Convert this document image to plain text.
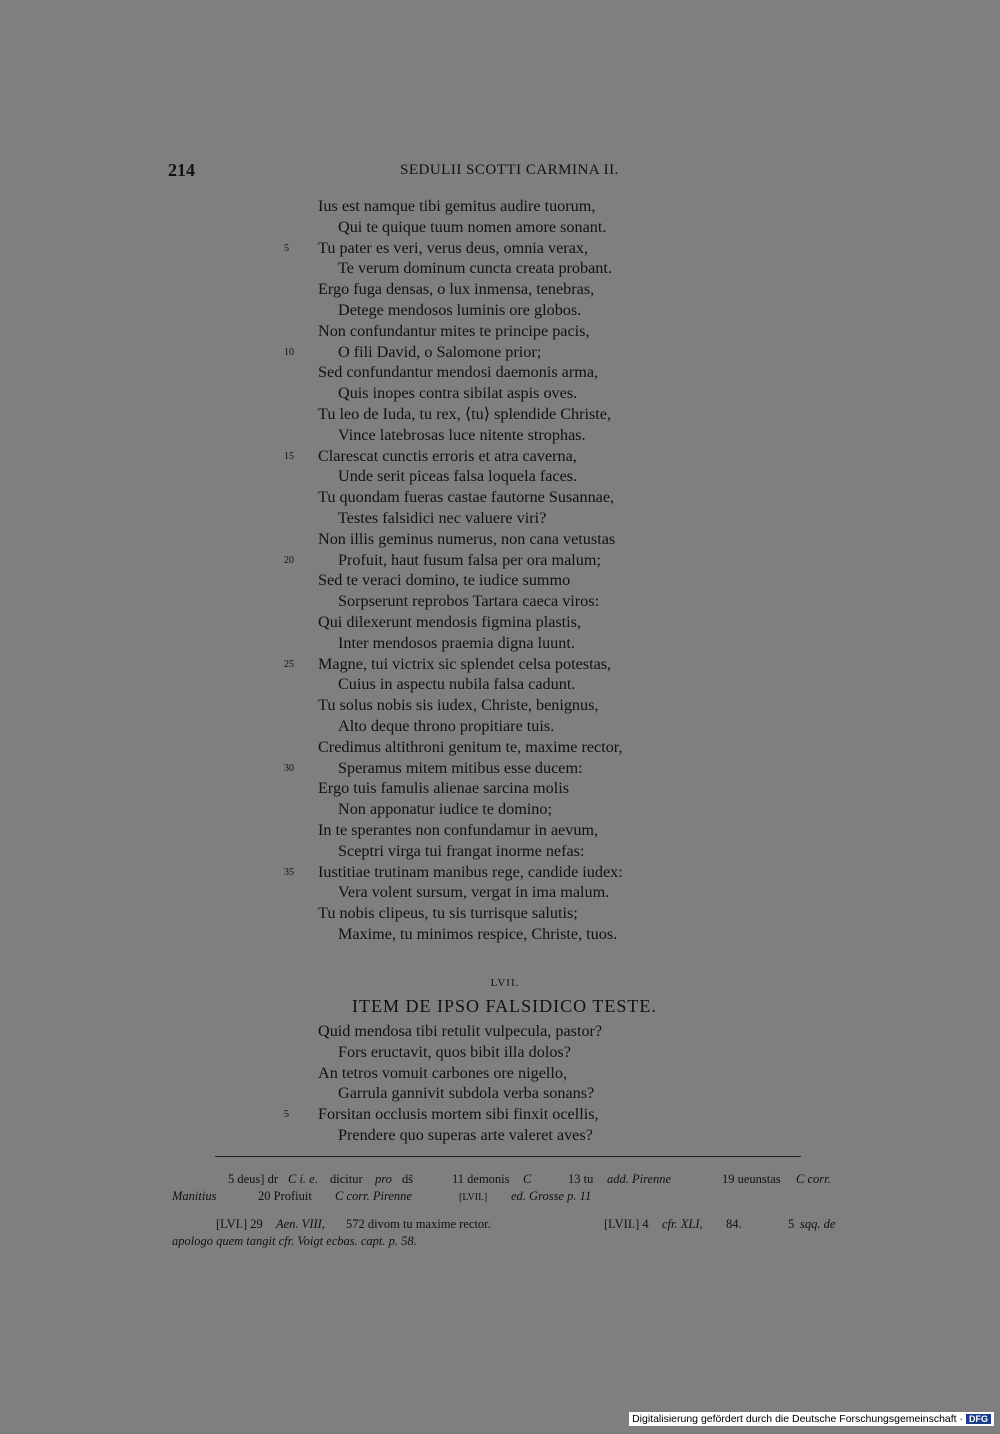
214	SEDULII SCOTTI CARMINA II.
Ius est namque tibi gemitus audire tuorum,
Qui te quique tuum nomen amore sonant.
5 Tu pater es veri, verus deus, omnia verax,
Te verum dominum cuncta creata probant.
Ergo fuga densas, o lux inmensa, tenebras,
Detege mendosos luminis ore globos.
Non confundantur mites te principe pacis,
10	O fili David, o Salomone prior;
Sed confundantur mendosi daemonis arma,
Quis inopes contra sibilat aspis oves.
Tu leo de Iuda, tu rex, ⟨tu⟩ splendide Christe,
Vince latebrosas luce nitente strophas.
15 Clarescat cunctis erroris et atra caverna,
Unde serit piceas falsa loquela faces.
Tu quondam fueras castae fautorne Susannae,
Testes falsidici nec valuere viri?
Non illis geminus numerus, non cana vetustas
20	Profuit, haut fusum falsa per ora malum;
Sed te veraci domino, te iudice summo
Sorpserunt reprobos Tartara caeca viros:
Qui dilexerunt mendosis figmina plastis,
Inter mendosos praemia digna luunt.
25 Magne, tui victrix sic splendet celsa potestas,
Cuius in aspectu nubila falsa cadunt.
Tu solus nobis sis iudex, Christe, benignus,
Alto deque throno propitiare tuis.
Credimus altithroni genitum te, maxime rector,
30	Speramus mitem mitibus esse ducem:
Ergo tuis famulis alienae sarcina molis
Non apponatur iudice te domino;
In te sperantes non confundamur in aevum,
Sceptri virga tui frangat inorme nefas:
35 Iustitiae trutinam manibus rege, candide iudex:
Vera volent sursum, vergat in ima malum.
Tu nobis clipeus, tu sis turrisque salutis;
Maxime, tu minimos respice, Christe, tuos.
LVII.
ITEM DE IPSO FALSIDICO TESTE.
Quid mendosa tibi retulit vulpecula, pastor?
Fors eructavit, quos bibit illa dolos?
An tetros vomuit carbones ore nigello,
Garrula gannivit subdola verba sonans?
5 Forsitan occlusis mortem sibi finxit ocellis,
Prendere quo superas arte valeret aves?
5 deus] dr C i. e. dicitur pro dš	11 demonis C	13 tu add. Pirenne	19 ueunstas C corr.
Manitius	20 Profiuit C corr. Pirenne	[LVII.] ed. Grosse p. 11
[LVI.] 29 Aen. VIII, 572 divom tu maxime rector.	[LVII.] 4 cfr. XLI, 84.	5 sqq. de
apologo quem tangit cfr. Voigt ecbas. capt. p. 58.
Digitalisierung gefördert durch die Deutsche Forschungsgemeinschaft · DFG
